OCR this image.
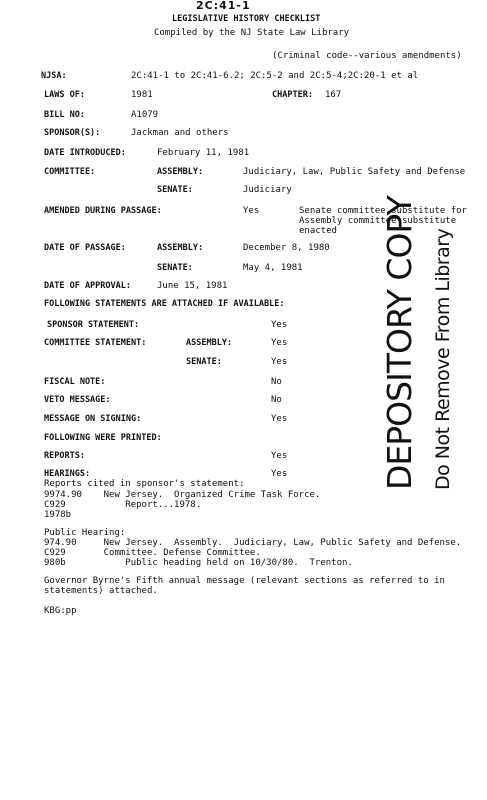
2C:41-1
LEGISLATIVE HISTORY CHECKLIST
Compiled by the NJ State Law Library
(Criminal code--various amendments)
NJSA:	2C:41-1 to 2C:41-6.2; 2C:5-2 and 2C:5-4;2C:20-1 et al
LAWS OF:	1981	CHAPTER: 167
BILL NO:	A1079
SPONSOR(S):	Jackman and others
DATE INTRODUCED:	February 11, 1981
COMMITTEE:	ASSEMBLY:	Judiciary, Law, Public Safety and Defense
SENATE:	Judiciary
AMENDED DURING PASSAGE:	Yes	Senate committee substitute for
Assembly committee substitute
enacted
DATE OF PASSAGE:	ASSEMBLY:	December 8, 1980
SENATE:	May 4, 1981
DATE OF APPROVAL:	June 15, 1981
FOLLOWING STATEMENTS ARE ATTACHED IF AVAILABLE:
SPONSOR STATEMENT:	Yes
COMMITTEE STATEMENT:	ASSEMBLY:	Yes
SENATE:	Yes
FISCAL NOTE:	No
VETO MESSAGE:	No
MESSAGE ON SIGNING:	Yes
FOLLOWING WERE PRINTED:
REPORTS:	Yes
HEARINGS:	Yes
Reports cited in sponsor's statement:
9974.90    New Jersey.  Organized Crime Task Force.
C929           Report...1978.
1978b
Public Hearing:
974.90     New Jersey.  Assembly.  Judiciary, Law, Public Safety and Defense.
C929       Committee. Defense Committee.
980b           Public heading held on 10/30/80.  Trenton.
Governor Byrne's Fifth annual message (relevant sections as referred to in
statements) attached.
KBG:pp
DEPOSITORY COPY Do Not Remove From Library
